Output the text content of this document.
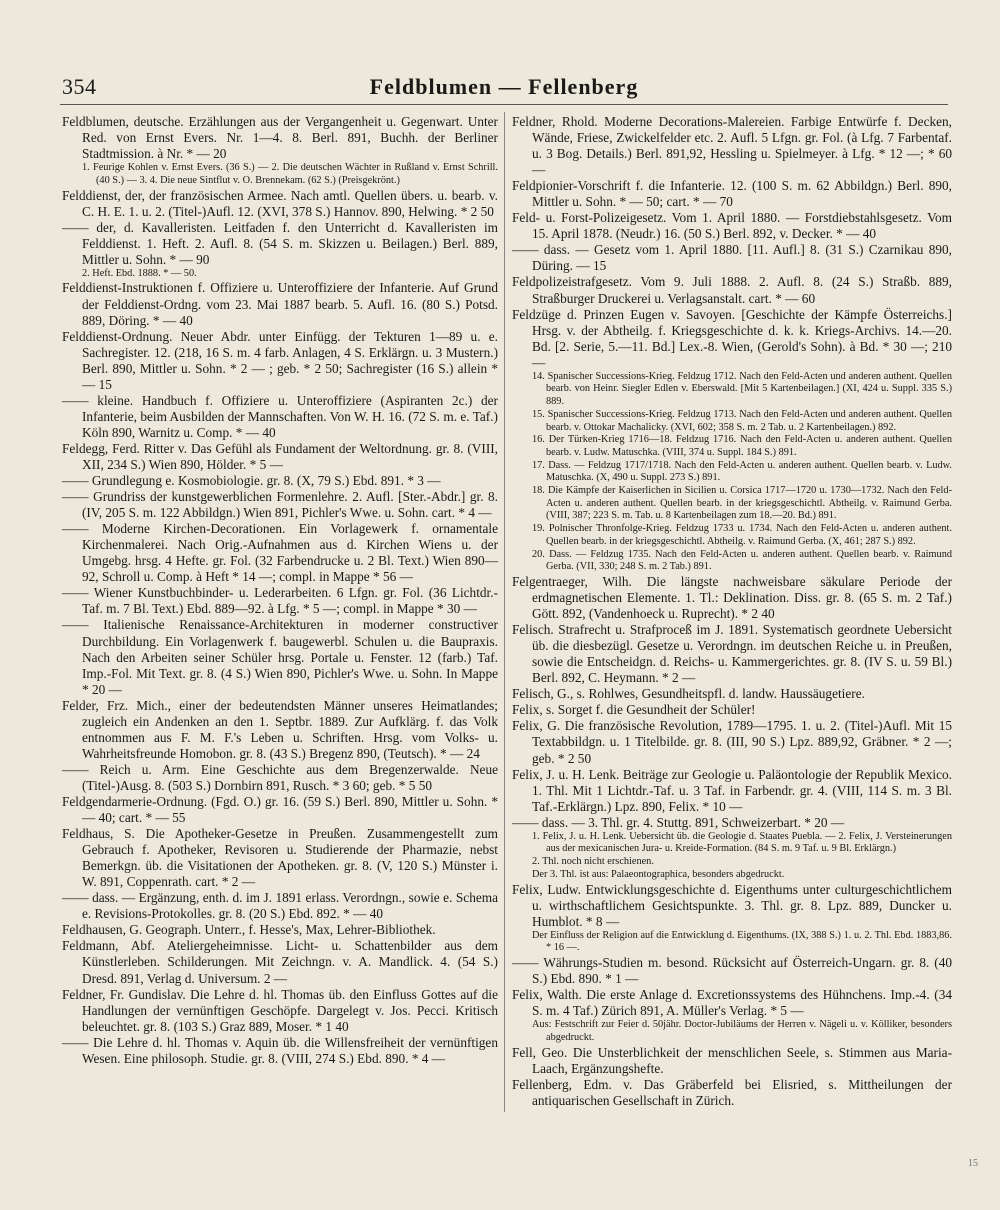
354	Feldblumen — Fellenberg

Feldblumen, deutsche. Erzählungen aus der Vergangenheit u. Gegenwart. Unter Red. von Ernst Evers. Nr. 1—4. 8. Berl. 891, Buchh. der Berliner Stadtmission. à Nr. * — 20

1. Feurige Kohlen v. Ernst Evers. (36 S.) — 2. Die deutschen Wächter in Rußland v. Ernst Schrill. (40 S.) — 3. 4. Die neue Sintflut v. O. Brennekam. (62 S.) (Preisgekrönt.)

Felddienst, der, der französischen Armee. Nach amtl. Quellen übers. u. bearb. v. C. H. E. 1. u. 2. (Titel-)Aufl. 12. (XVI, 378 S.) Hannov. 890, Helwing. * 2 50

—— der, d. Kavalleristen. Leitfaden f. den Unterricht d. Kavalleristen im Felddienst. 1. Heft. 2. Aufl. 8. (54 S. m. Skizzen u. Beilagen.) Berl. 889, Mittler u. Sohn. * — 90

2. Heft. Ebd. 1888. * — 50.

Felddienst-Instruktionen f. Offiziere u. Unteroffiziere der Infanterie. Auf Grund der Felddienst-Ordng. vom 23. Mai 1887 bearb. 5. Aufl. 16. (80 S.) Potsd. 889, Döring. * — 40

Felddienst-Ordnung. Neuer Abdr. unter Einfügg. der Tekturen 1—89 u. e. Sachregister. 12. (218, 16 S. m. 4 farb. Anlagen, 4 S. Erklärgn. u. 3 Mustern.) Berl. 890, Mittler u. Sohn. * 2 — ; geb. * 2 50; Sachregister (16 S.) allein * — 15

—— kleine. Handbuch f. Offiziere u. Unteroffiziere (Aspiranten 2c.) der Infanterie, beim Ausbilden der Mannschaften. Von W. H. 16. (72 S. m. e. Taf.) Köln 890, Warnitz u. Comp. * — 40

Feldegg, Ferd. Ritter v. Das Gefühl als Fundament der Weltordnung. gr. 8. (VIII, XII, 234 S.) Wien 890, Hölder. * 5 —

—— Grundlegung e. Kosmobiologie. gr. 8. (X, 79 S.) Ebd. 891. * 3 —

—— Grundriss der kunstgewerblichen Formenlehre. 2. Aufl. [Ster.-Abdr.] gr. 8. (IV, 205 S. m. 122 Abbildgn.) Wien 891, Pichler's Wwe. u. Sohn. cart. * 4 —

—— Moderne Kirchen-Decorationen. Ein Vorlagewerk f. ornamentale Kirchenmalerei. Nach Orig.-Aufnahmen aus d. Kirchen Wiens u. der Umgebg. hrsg. 4 Hefte. gr. Fol. (32 Farbendrucke u. 2 Bl. Text.) Wien 890—92, Schroll u. Comp. à Heft * 14 —; compl. in Mappe * 56 —

—— Wiener Kunstbuchbinder- u. Lederarbeiten. 6 Lfgn. gr. Fol. (36 Lichtdr.-Taf. m. 7 Bl. Text.) Ebd. 889—92. à Lfg. * 5 —; compl. in Mappe * 30 —

—— Italienische Renaissance-Architekturen in moderner constructiver Durchbildung. Ein Vorlagenwerk f. baugewerbl. Schulen u. die Baupraxis. Nach den Arbeiten seiner Schüler hrsg. Portale u. Fenster. 12 (farb.) Taf. Imp.-Fol. Mit Text. gr. 8. (4 S.) Wien 890, Pichler's Wwe. u. Sohn. In Mappe * 20 —

Felder, Frz. Mich., einer der bedeutendsten Männer unseres Heimatlandes; zugleich ein Andenken an den 1. Septbr. 1889. Zur Aufklärg. f. das Volk entnommen aus F. M. F.'s Leben u. Schriften. Hrsg. vom Volks- u. Wahrheitsfreunde Homobon. gr. 8. (43 S.) Bregenz 890, (Teutsch). * — 24

—— Reich u. Arm. Eine Geschichte aus dem Bregenzerwalde. Neue (Titel-)Ausg. 8. (503 S.) Dornbirn 891, Rusch. * 3 60; geb. * 5 50

Feldgendarmerie-Ordnung. (Fgd. O.) gr. 16. (59 S.) Berl. 890, Mittler u. Sohn. * — 40; cart. * — 55

Feldhaus, S. Die Apotheker-Gesetze in Preußen. Zusammengestellt zum Gebrauch f. Apotheker, Revisoren u. Studierende der Pharmazie, nebst Bemerkgn. üb. die Visitationen der Apotheken. gr. 8. (V, 120 S.) Münster i. W. 891, Coppenrath. cart. * 2 —

—— dass. — Ergänzung, enth. d. im J. 1891 erlass. Verordngn., sowie e. Schema e. Revisions-Protokolles. gr. 8. (20 S.) Ebd. 892. * — 40

Feldhausen, G. Geograph. Unterr., f. Hesse's, Max, Lehrer-Bibliothek.

Feldmann, Abf. Ateliergeheimnisse. Licht- u. Schattenbilder aus dem Künstlerleben. Schilderungen. Mit Zeichngn. v. A. Mandlick. 4. (54 S.) Dresd. 891, Verlag d. Universum. 2 —

Feldner, Fr. Gundislav. Die Lehre d. hl. Thomas üb. den Einfluss Gottes auf die Handlungen der vernünftigen Geschöpfe. Dargelegt v. Jos. Pecci. Kritisch beleuchtet. gr. 8. (103 S.) Graz 889, Moser. * 1 40

—— Die Lehre d. hl. Thomas v. Aquin üb. die Willensfreiheit der vernünftigen Wesen. Eine philosoph. Studie. gr. 8. (VIII, 274 S.) Ebd. 890. * 4 —

Feldner, Rhold. Moderne Decorations-Malereien. Farbige Entwürfe f. Decken, Wände, Friese, Zwickelfelder etc. 2. Aufl. 5 Lfgn. gr. Fol. (à Lfg. 7 Farbentaf. u. 3 Bog. Details.) Berl. 891,92, Hessling u. Spielmeyer. à Lfg. * 12 —; * 60 —

Feldpionier-Vorschrift f. die Infanterie. 12. (100 S. m. 62 Abbildgn.) Berl. 890, Mittler u. Sohn. * — 50; cart. * — 70

Feld- u. Forst-Polizeigesetz. Vom 1. April 1880. — Forstdiebstahlsgesetz. Vom 15. April 1878. (Neudr.) 16. (50 S.) Berl. 892, v. Decker. * — 40

—— dass. — Gesetz vom 1. April 1880. [11. Aufl.] 8. (31 S.) Czarnikau 890, Düring. — 15

Feldpolizeistrafgesetz. Vom 9. Juli 1888. 2. Aufl. 8. (24 S.) Straßb. 889, Straßburger Druckerei u. Verlagsanstalt. cart. * — 60

Feldzüge d. Prinzen Eugen v. Savoyen. [Geschichte der Kämpfe Österreichs.] Hrsg. v. der Abtheilg. f. Kriegsgeschichte d. k. k. Kriegs-Archivs. 14.—20. Bd. [2. Serie, 5.—11. Bd.] Lex.-8. Wien, (Gerold's Sohn). à Bd. * 30 —; 210 —

14. Spanischer Successions-Krieg. Feldzug 1712. Nach den Feld-Acten und anderen authent. Quellen bearb. von Heinr. Siegler Edlen v. Eberswald. [Mit 5 Kartenbeilagen.] (XI, 424 u. Suppl. 335 S.) 889.

15. Spanischer Successions-Krieg. Feldzug 1713. Nach den Feld-Acten und anderen authent. Quellen bearb. v. Ottokar Machalicky. (XVI, 602; 358 S. m. 2 Tab. u. 2 Kartenbeilagen.) 892.

16. Der Türken-Krieg 1716—18. Feldzug 1716. Nach den Feld-Acten u. anderen authent. Quellen bearb. v. Ludw. Matuschka. (VIII, 374 u. Suppl. 184 S.) 891.

17. Dass. — Feldzug 1717/1718. Nach den Feld-Acten u. anderen authent. Quellen bearb. v. Ludw. Matuschka. (X, 490 u. Suppl. 273 S.) 891.

18. Die Kämpfe der Kaiserlichen in Sicilien u. Corsica 1717—1720 u. 1730—1732. Nach den Feld-Acten u. anderen authent. Quellen bearb. in der kriegsgeschichtl. Abtheilg. v. Raimund Gerba. (VIII, 387; 223 S. m. Tab. u. 8 Kartenbeilagen zum 18.—20. Bd.) 891.

19. Polnischer Thronfolge-Krieg. Feldzug 1733 u. 1734. Nach den Feld-Acten u. anderen authent. Quellen bearb. in der kriegsgeschichtl. Abtheilg. v. Raimund Gerba. (X, 461; 287 S.) 892.

20. Dass. — Feldzug 1735. Nach den Feld-Acten u. anderen authent. Quellen bearb. v. Raimund Gerba. (VII, 330; 248 S. m. 2 Tab.) 891.

Felgentraeger, Wilh. Die längste nachweisbare säkulare Periode der erdmagnetischen Elemente. 1. Tl.: Deklination. Diss. gr. 8. (65 S. m. 2 Taf.) Gött. 892, (Vandenhoeck u. Ruprecht). * 2 40

Felisch. Strafrecht u. Strafproceß im J. 1891. Systematisch geordnete Uebersicht üb. die diesbezügl. Gesetze u. Verordngn. im deutschen Reiche u. in Preußen, sowie die Entscheidgn. d. Reichs- u. Kammergerichtes. gr. 8. (IV S. u. 59 Bl.) Berl. 892, C. Heymann. * 2 —

Felisch, G., s. Rohlwes, Gesundheitspfl. d. landw. Haussäugetiere.

Felix, s. Sorget f. die Gesundheit der Schüler!

Felix, G. Die französische Revolution, 1789—1795. 1. u. 2. (Titel-)Aufl. Mit 15 Textabbildgn. u. 1 Titelbilde. gr. 8. (III, 90 S.) Lpz. 889,92, Gräbner. * 2 —; geb. * 2 50

Felix, J. u. H. Lenk. Beiträge zur Geologie u. Paläontologie der Republik Mexico. 1. Thl. Mit 1 Lichtdr.-Taf. u. 3 Taf. in Farbendr. gr. 4. (VIII, 114 S. m. 3 Bl. Taf.-Erklärgn.) Lpz. 890, Felix. * 10 —

—— dass. — 3. Thl. gr. 4. Stuttg. 891, Schweizerbart. * 20 —

1. Felix, J. u. H. Lenk. Uebersicht üb. die Geologie d. Staates Puebla. — 2. Felix, J. Versteinerungen aus der mexicanischen Jura- u. Kreide-Formation. (84 S. m. 9 Taf. u. 9 Bl. Erklärgn.)

2. Thl. noch nicht erschienen.

Der 3. Thl. ist aus: Palaeontographica, besonders abgedruckt.

Felix, Ludw. Entwicklungsgeschichte d. Eigenthums unter culturgeschichtlichem u. wirthschaftlichem Gesichtspunkte. 3. Thl. gr. 8. Lpz. 889, Duncker u. Humblot. * 8 —

Der Einfluss der Religion auf die Entwicklung d. Eigenthums. (IX, 388 S.) 1. u. 2. Thl. Ebd. 1883,86. * 16 —.

—— Währungs-Studien m. besond. Rücksicht auf Österreich-Ungarn. gr. 8. (40 S.) Ebd. 890. * 1 —

Felix, Walth. Die erste Anlage d. Excretionssystems des Hühnchens. Imp.-4. (34 S. m. 4 Taf.) Zürich 891, A. Müller's Verlag. * 5 —

Aus: Festschrift zur Feier d. 50jähr. Doctor-Jubiläums der Herren v. Nägeli u. v. Kölliker, besonders abgedruckt.

Fell, Geo. Die Unsterblichkeit der menschlichen Seele, s. Stimmen aus Maria-Laach, Ergänzungshefte.

Fellenberg, Edm. v. Das Gräberfeld bei Elisried, s. Mittheilungen der antiquarischen Gesellschaft in Zürich.

15
